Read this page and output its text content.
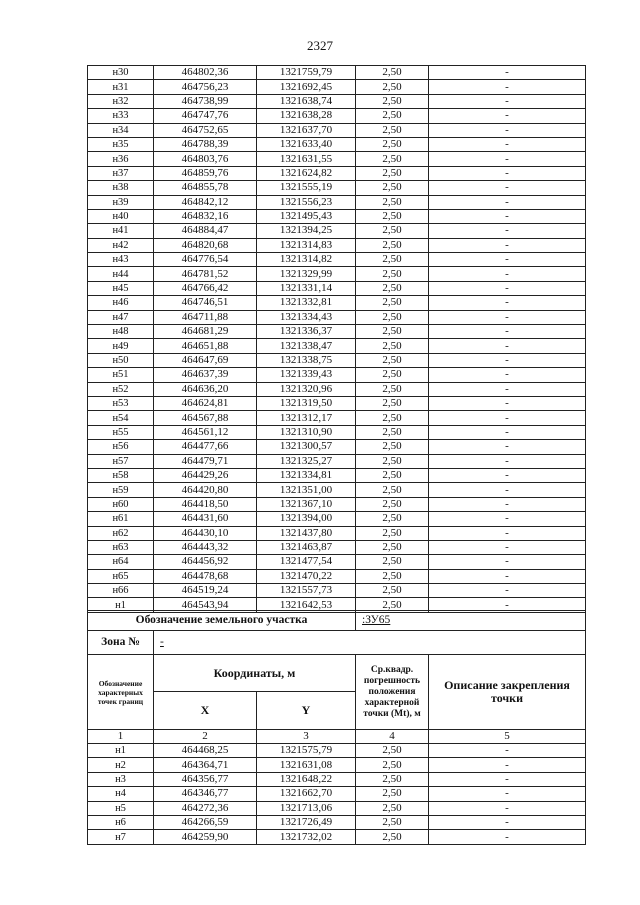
2327
н30	464802,36	1321759,79	2,50	-
н31	464756,23	1321692,45	2,50	-
н32	464738,99	1321638,74	2,50	-
н33	464747,76	1321638,28	2,50	-
н34	464752,65	1321637,70	2,50	-
н35	464788,39	1321633,40	2,50	-
н36	464803,76	1321631,55	2,50	-
н37	464859,76	1321624,82	2,50	-
н38	464855,78	1321555,19	2,50	-
н39	464842,12	1321556,23	2,50	-
н40	464832,16	1321495,43	2,50	-
н41	464884,47	1321394,25	2,50	-
н42	464820,68	1321314,83	2,50	-
н43	464776,54	1321314,82	2,50	-
н44	464781,52	1321329,99	2,50	-
н45	464766,42	1321331,14	2,50	-
н46	464746,51	1321332,81	2,50	-
н47	464711,88	1321334,43	2,50	-
н48	464681,29	1321336,37	2,50	-
н49	464651,88	1321338,47	2,50	-
н50	464647,69	1321338,75	2,50	-
н51	464637,39	1321339,43	2,50	-
н52	464636,20	1321320,96	2,50	-
н53	464624,81	1321319,50	2,50	-
н54	464567,88	1321312,17	2,50	-
н55	464561,12	1321310,90	2,50	-
н56	464477,66	1321300,57	2,50	-
н57	464479,71	1321325,27	2,50	-
н58	464429,26	1321334,81	2,50	-
н59	464420,80	1321351,00	2,50	-
н60	464418,50	1321367,10	2,50	-
н61	464431,60	1321394,00	2,50	-
н62	464430,10	1321437,80	2,50	-
н63	464443,32	1321463,87	2,50	-
н64	464456,92	1321477,54	2,50	-
н65	464478,68	1321470,22	2,50	-
н66	464519,24	1321557,73	2,50	-
н1	464543,94	1321642,53	2,50	-
Обозначение земельного участка			:ЗУ65	
Зона №	-			
Обозначение характерных точек границ	Координаты, м		Ср.квадр. погрешность положения характерной точки (Mt), м	Описание закрепления точки
	X	Y		
1	2	3	4	5
н1	464468,25	1321575,79	2,50	-
н2	464364,71	1321631,08	2,50	-
н3	464356,77	1321648,22	2,50	-
н4	464346,77	1321662,70	2,50	-
н5	464272,36	1321713,06	2,50	-
н6	464266,59	1321726,49	2,50	-
н7	464259,90	1321732,02	2,50	-
